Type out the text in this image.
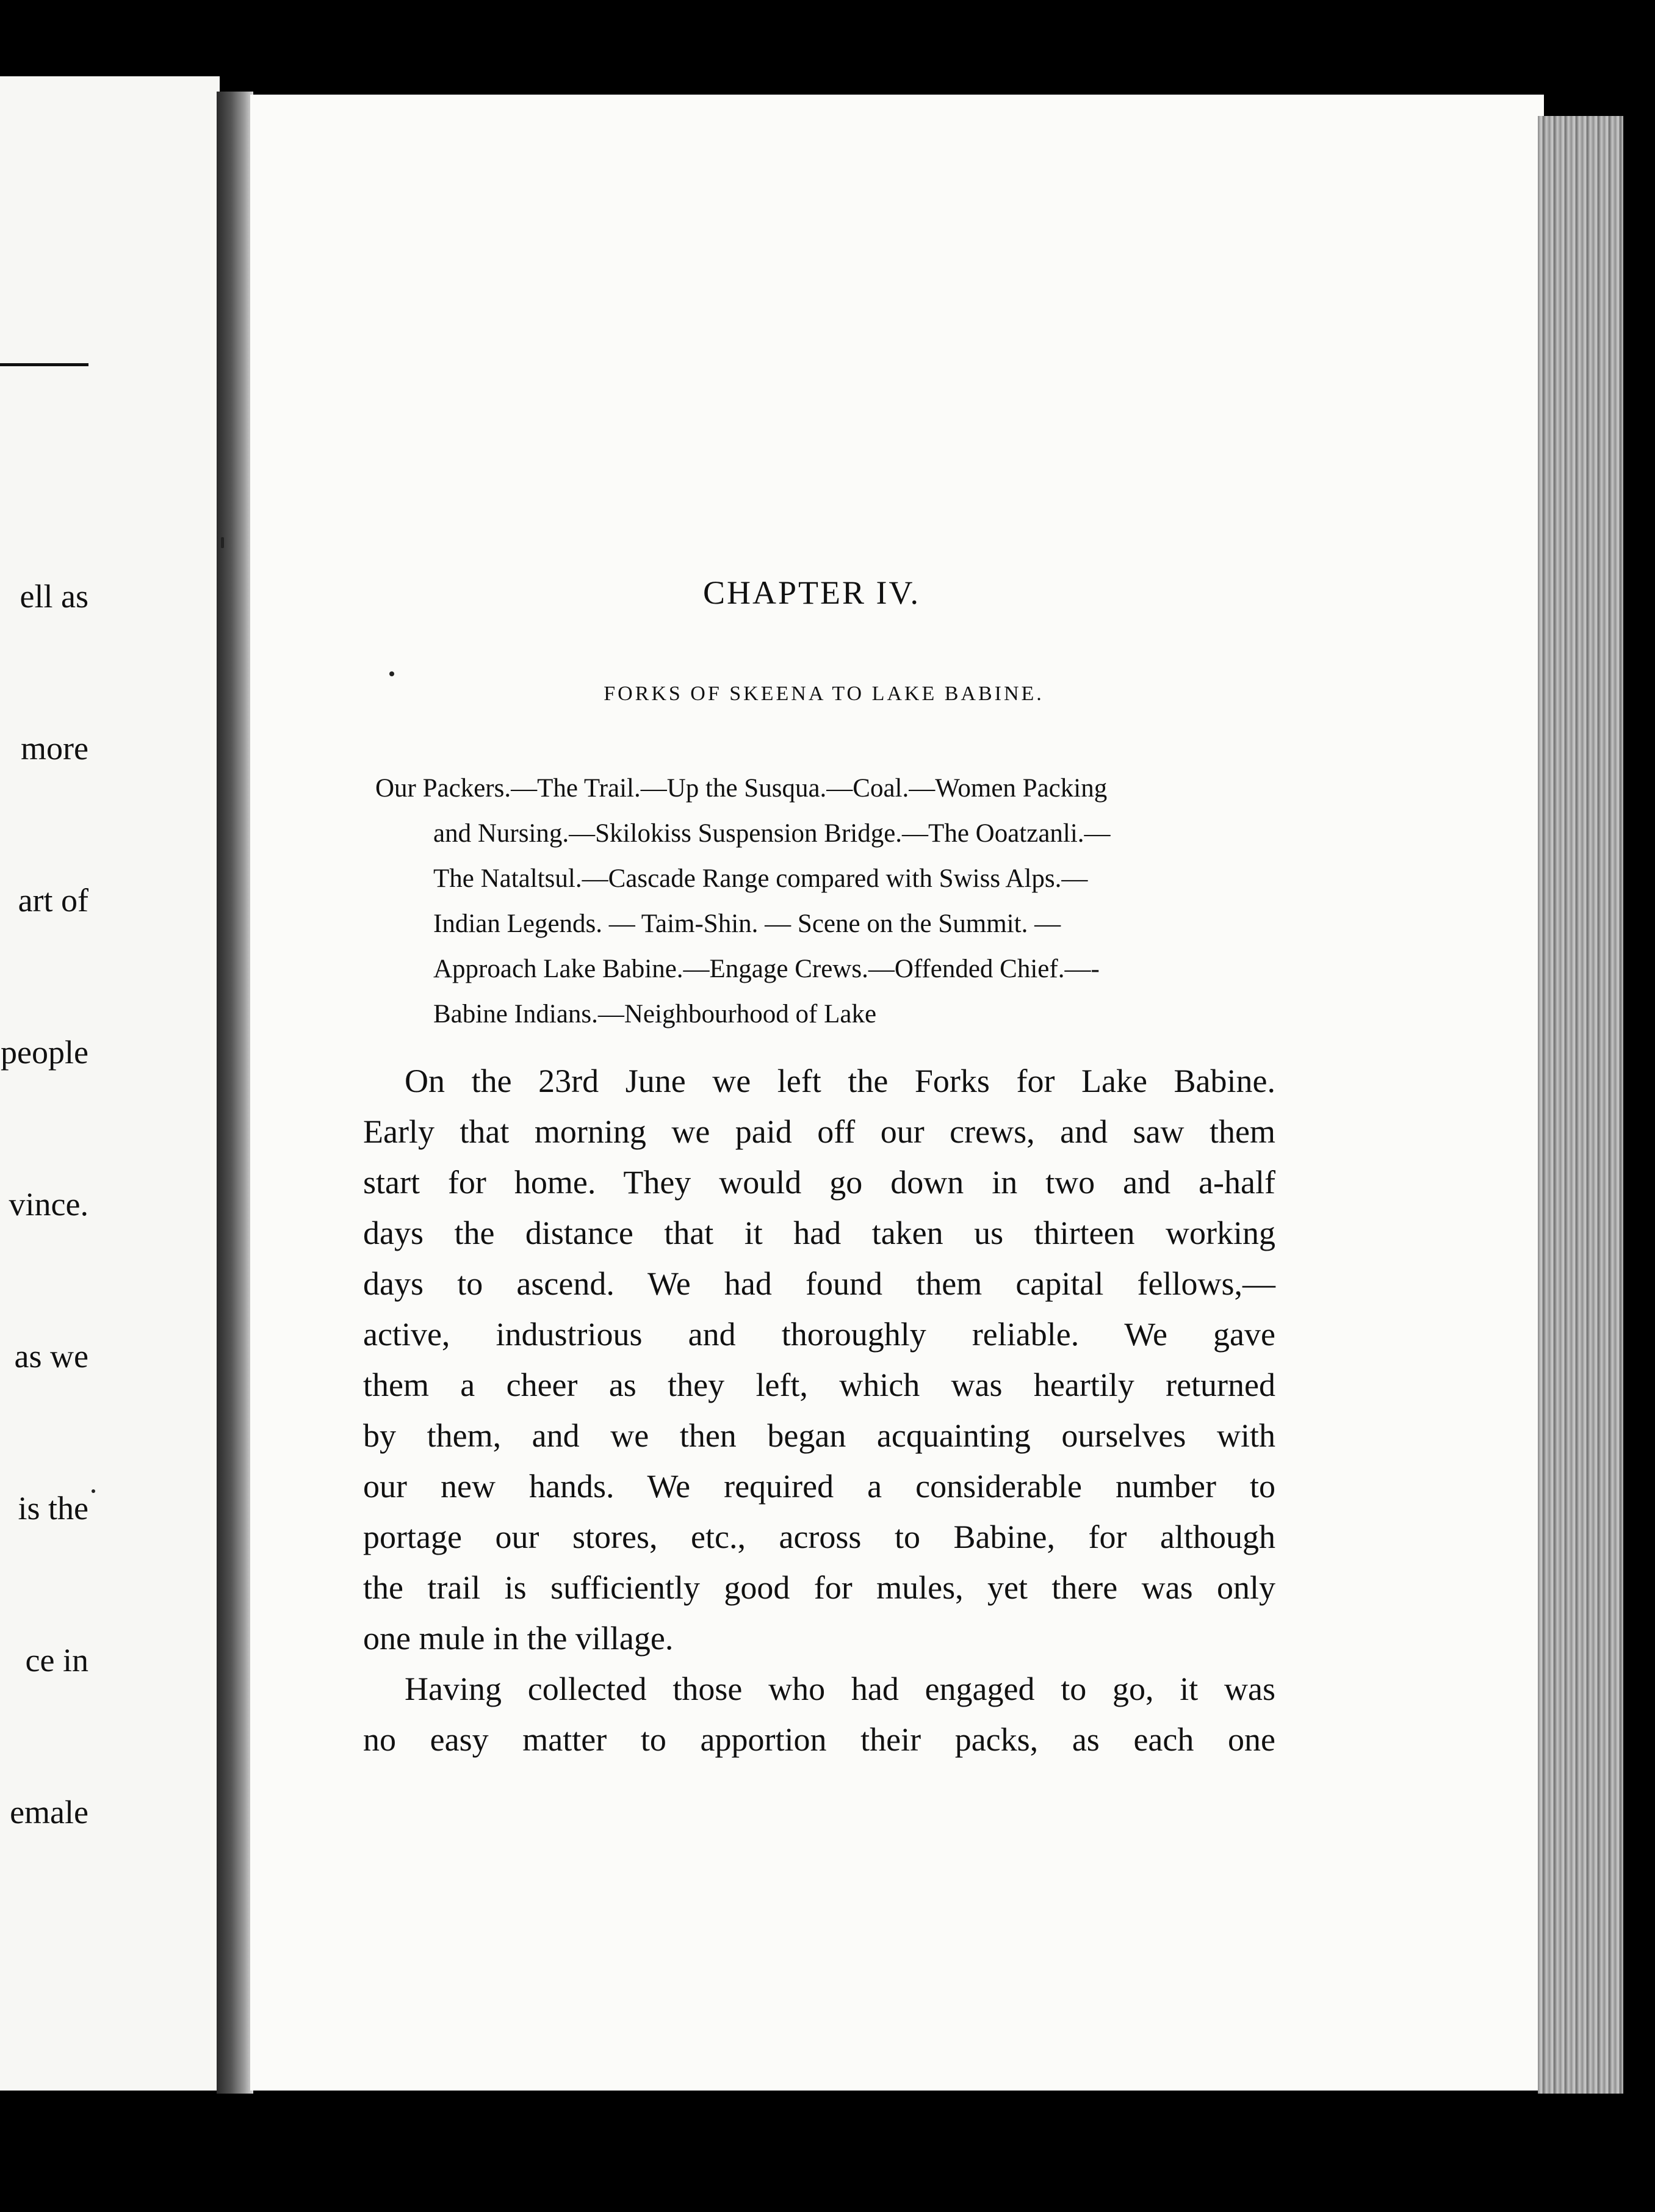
ell as

more

art of

people

vince.

as we

is the

ce in

emale

CHAPTER IV.
FORKS OF SKEENA TO LAKE BABINE.
Our Packers.—The Trail.—Up the Susqua.—Coal.—Women Packing
and Nursing.—Skilokiss Suspension Bridge.—The Ooatzanli.—
The Nataltsul.—Cascade Range compared with Swiss Alps.—
Indian Legends. — Taim-Shin. — Scene on the Summit. —
Approach Lake Babine.—Engage Crews.—Offended Chief.—-
Babine Indians.—Neighbourhood of Lake
On the 23rd June we left the Forks for Lake Babine.
Early that morning we paid off our crews, and saw them
start for home. They would go down in two and a-half
days the distance that it had taken us thirteen working
days to ascend. We had found them capital fellows,—
active, industrious and thoroughly reliable. We gave
them a cheer as they left, which was heartily returned
by them, and we then began acquainting ourselves with
our new hands. We required a considerable number to
portage our stores, etc., across to Babine, for although
the trail is sufficiently good for mules, yet there was only
one mule in the village.
Having collected those who had engaged to go, it was
no easy matter to apportion their packs, as each one
